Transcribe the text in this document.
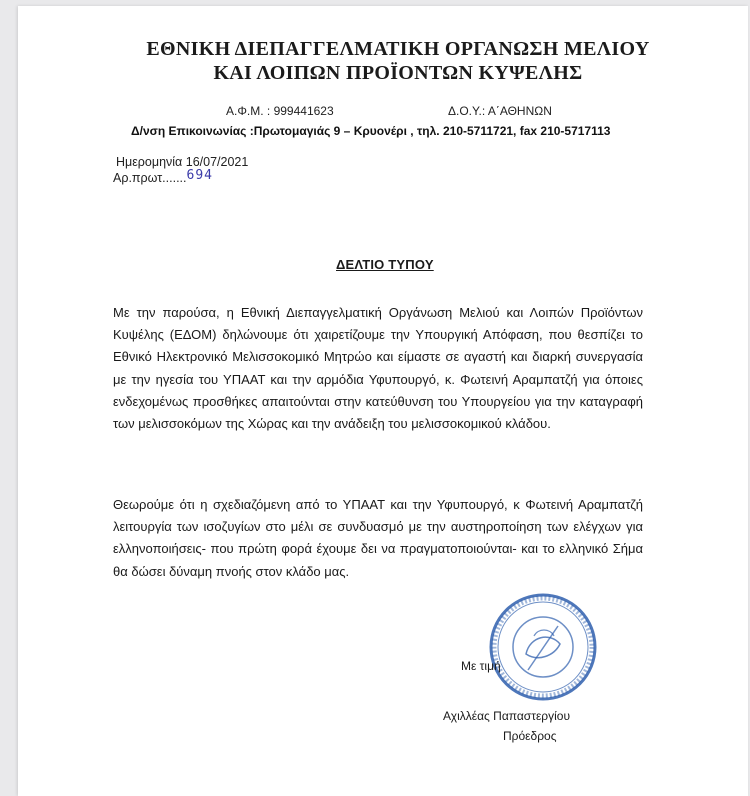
ΕΘΝΙΚΗ ΔΙΕΠΑΓΓΕΛΜΑΤΙΚΗ ΟΡΓΑΝΩΣΗ ΜΕΛΙΟΥ
ΚΑΙ ΛΟΙΠΩΝ ΠΡΟΪΟΝΤΩΝ ΚΥΨΕΛΗΣ
Α.Φ.Μ. : 999441623	Δ.Ο.Υ.: Α΄ΑΘΗΝΩΝ
Δ/νση Επικοινωνίας :Πρωτομαγιάς 9 – Κρυονέρι , τηλ. 210-5711721, fax 210-5717113
Ημερομηνία 16/07/2021
Αρ.πρωτ.......694
ΔΕΛΤΙΟ ΤΥΠΟΥ
Με την παρούσα, η Εθνική Διεπαγγελματική Οργάνωση Μελιού και Λοιπών Προϊόντων Κυψέλης (ΕΔΟΜ) δηλώνουμε ότι χαιρετίζουμε την Υπουργική Απόφαση, που θεσπίζει το Εθνικό Ηλεκτρονικό Μελισσοκομικό Μητρώο και είμαστε σε αγαστή και διαρκή συνεργασία με την ηγεσία του ΥΠΑΑΤ και την αρμόδια Υφυπουργό, κ. Φωτεινή Αραμπατζή για όποιες ενδεχομένως προσθήκες απαιτούνται στην κατεύθυνση του Υπουργείου για την καταγραφή των μελισσοκόμων της Χώρας και την ανάδειξη του μελισσοκομικού κλάδου.
Θεωρούμε ότι η σχεδιαζόμενη από το ΥΠΑΑΤ και την Υφυπουργό, κ Φωτεινή Αραμπατζή λειτουργία των ισοζυγίων στο μέλι σε συνδυασμό με την αυστηροποίηση των ελέγχων για ελληνοποιήσεις- που πρώτη φορά έχουμε δει να πραγματοποιούνται- και το ελληνικό Σήμα θα δώσει δύναμη πνοής στον κλάδο μας.
Με τιμή
Αχιλλέας Παπαστεργίου
Πρόεδρος
